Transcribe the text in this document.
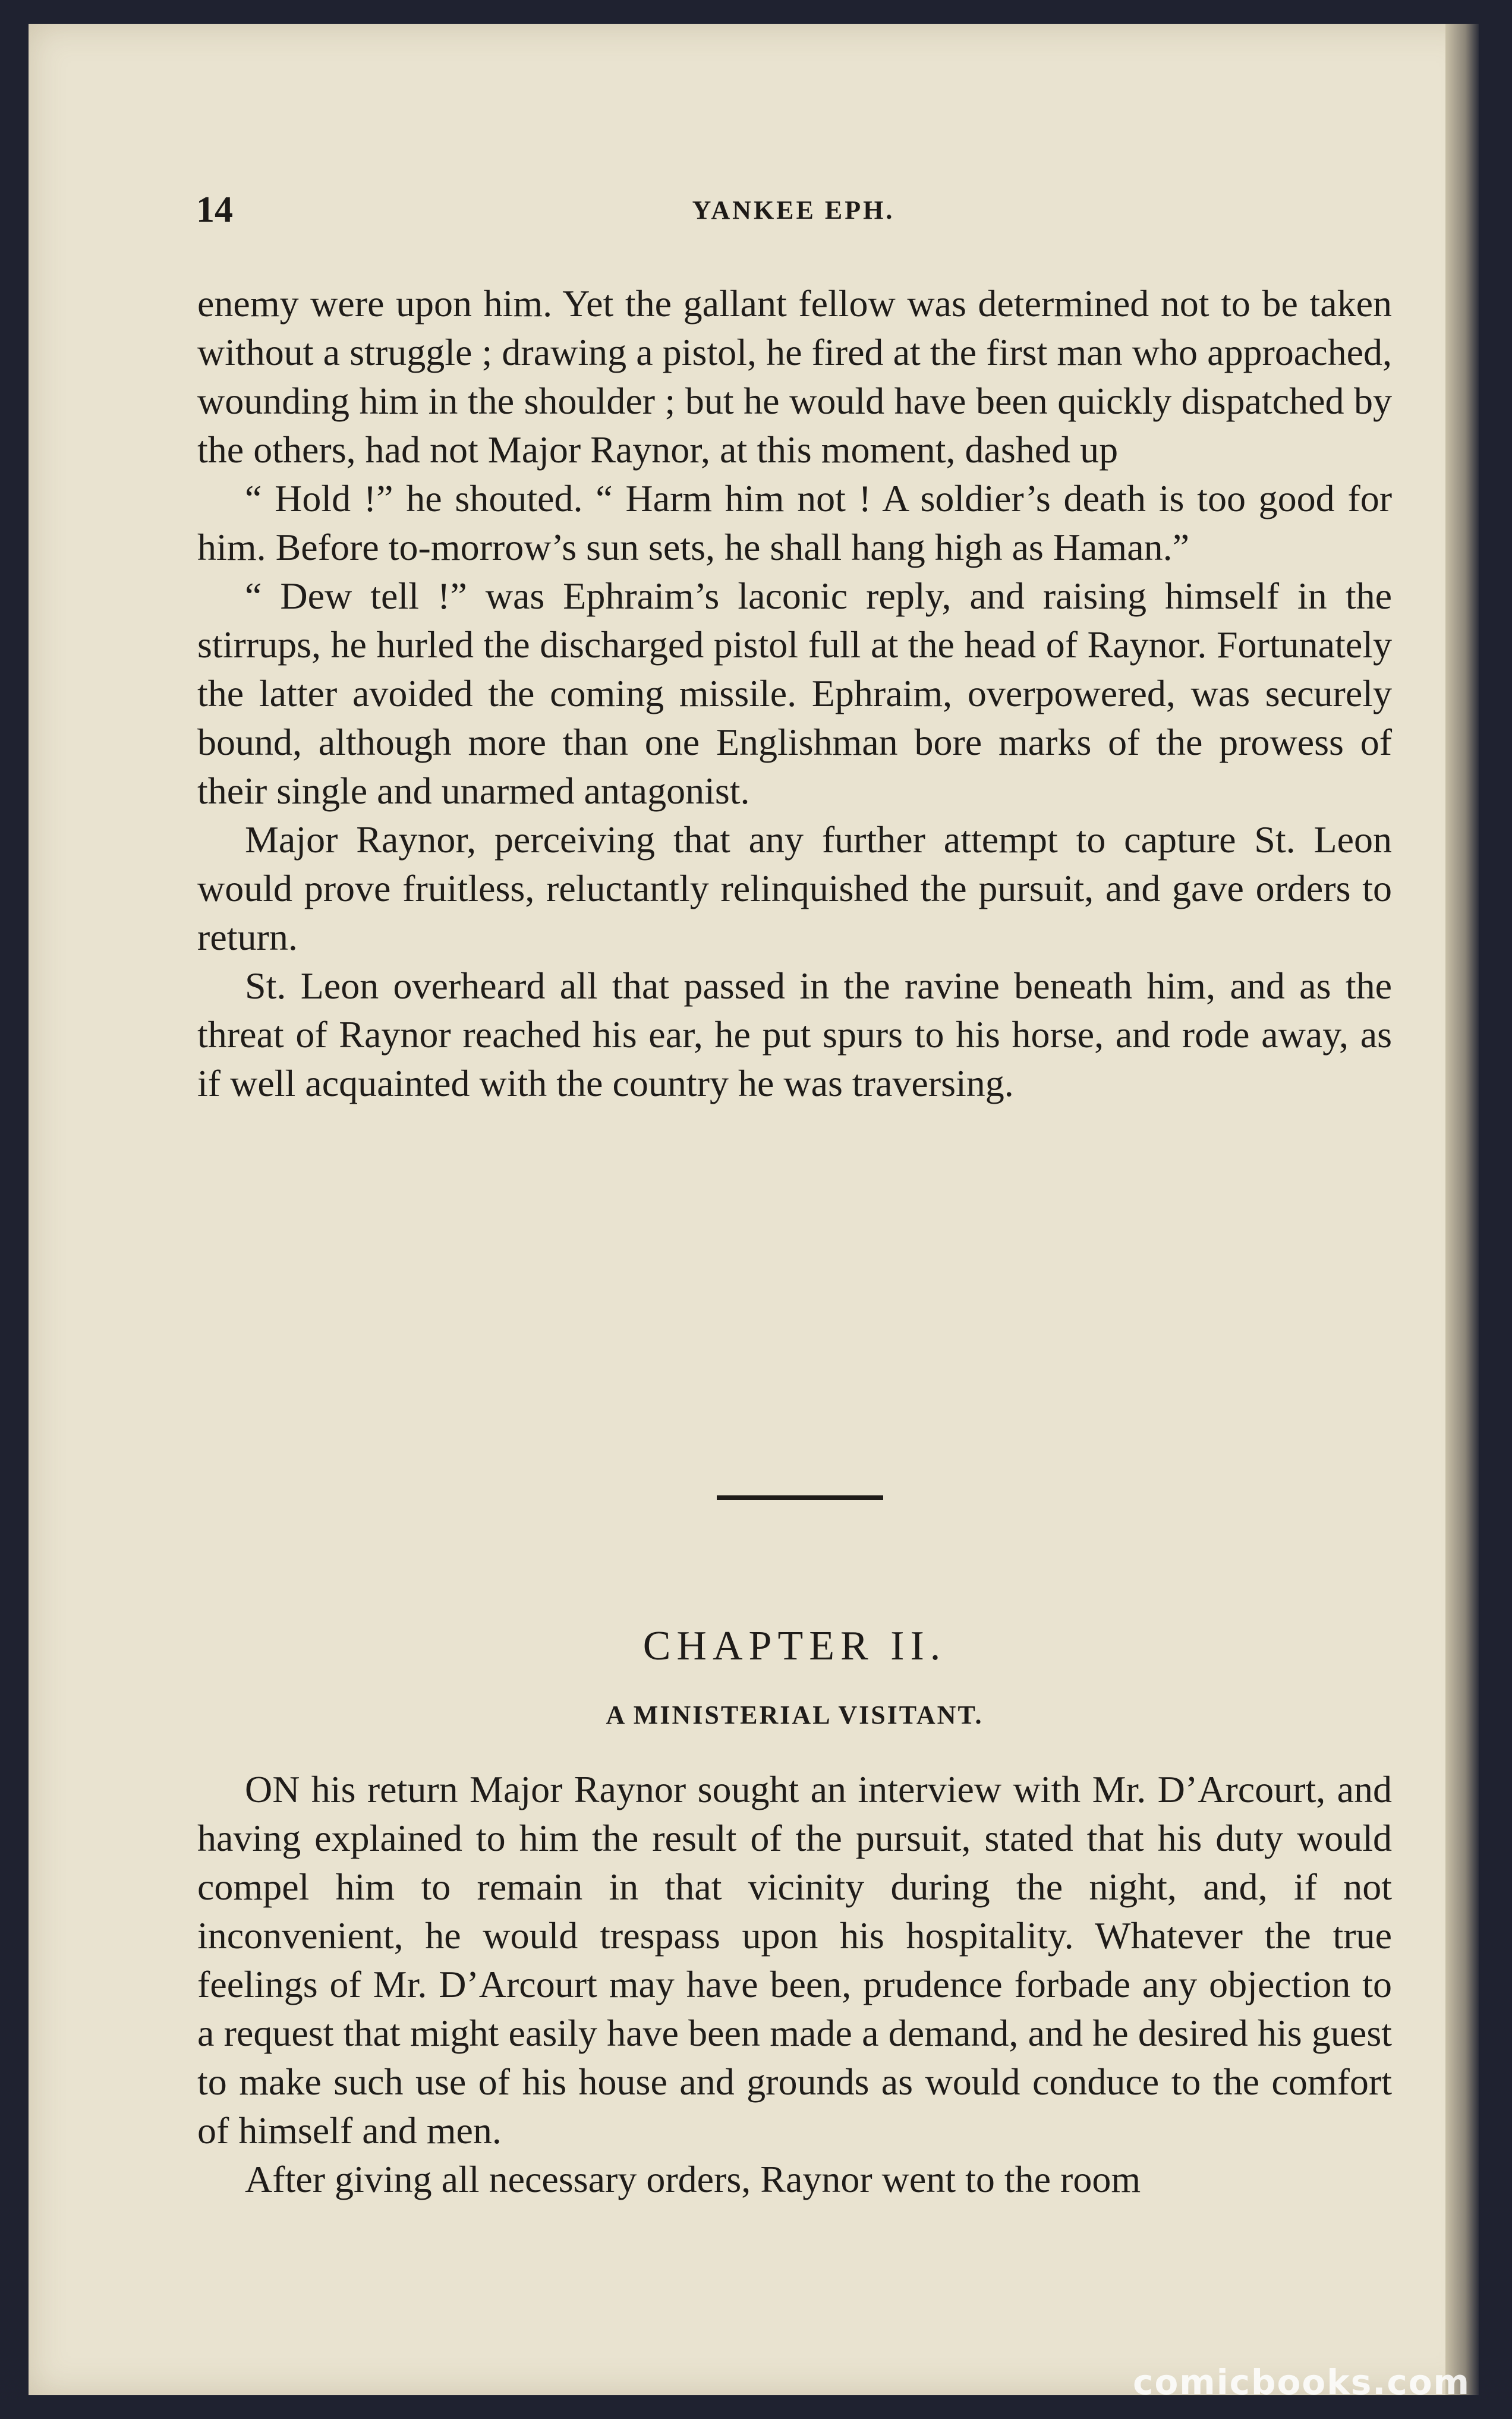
14	YANKEE EPH.

enemy were upon him. Yet the gallant fellow was determined not to be taken without a struggle ; drawing a pistol, he fired at the first man who approached, wounding him in the shoulder ; but he would have been quickly dispatched by the others, had not Major Raynor, at this moment, dashed up

“ Hold !” he shouted. “ Harm him not ! A soldier’s death is too good for him. Before to-morrow’s sun sets, he shall hang high as Haman.”

“ Dew tell !” was Ephraim’s laconic reply, and raising himself in the stirrups, he hurled the discharged pistol full at the head of Raynor. Fortunately the latter avoided the coming missile. Ephraim, overpowered, was securely bound, although more than one Englishman bore marks of the prowess of their single and unarmed antagonist.

Major Raynor, perceiving that any further attempt to capture St. Leon would prove fruitless, reluctantly relinquished the pursuit, and gave orders to return.

St. Leon overheard all that passed in the ravine beneath him, and as the threat of Raynor reached his ear, he put spurs to his horse, and rode away, as if well acquainted with the country he was traversing.

CHAPTER II.
A MINISTERIAL VISITANT.

ON his return Major Raynor sought an interview with Mr. D’Arcourt, and having explained to him the result of the pursuit, stated that his duty would compel him to remain in that vicinity during the night, and, if not inconvenient, he would trespass upon his hospitality. Whatever the true feelings of Mr. D’Arcourt may have been, prudence forbade any objection to a request that might easily have been made a demand, and he desired his guest to make such use of his house and grounds as would conduce to the comfort of himself and men.

After giving all necessary orders, Raynor went to the room

comicbooks.com
